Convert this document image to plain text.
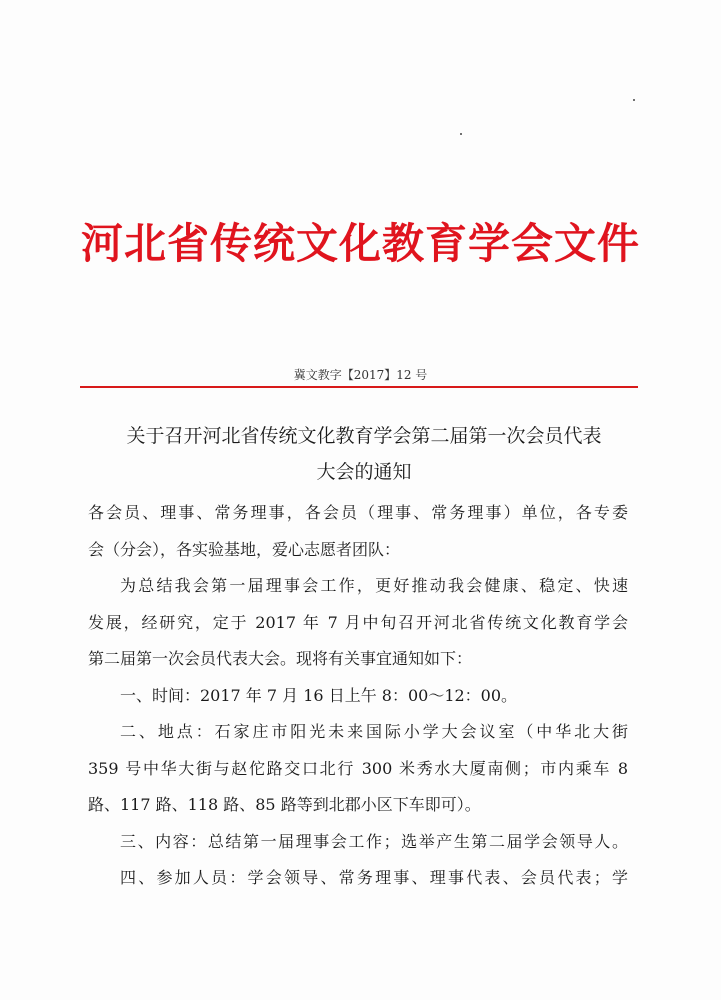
河北省传统文化教育学会文件
冀文教字【2017】12 号
关于召开河北省传统文化教育学会第二届第一次会员代表
大会的通知
各会员、理事、常务理事，各会员（理事、常务理事）单位，各专委
会（分会），各实验基地，爱心志愿者团队：
为总结我会第一届理事会工作，更好推动我会健康、稳定、快速
发展，经研究，定于 2017 年 7 月中旬召开河北省传统文化教育学会
第二届第一次会员代表大会。现将有关事宜通知如下：
一、时间：2017 年 7 月 16 日上午 8：00～12：00。
二、地点：石家庄市阳光未来国际小学大会议室（中华北大街
359 号中华大街与赵佗路交口北行 300 米秀水大厦南侧；市内乘车 8
路、117 路、118 路、85 路等到北郡小区下车即可）。
三、内容：总结第一届理事会工作；选举产生第二届学会领导人。
四、参加人员：学会领导、常务理事、理事代表、会员代表；学
